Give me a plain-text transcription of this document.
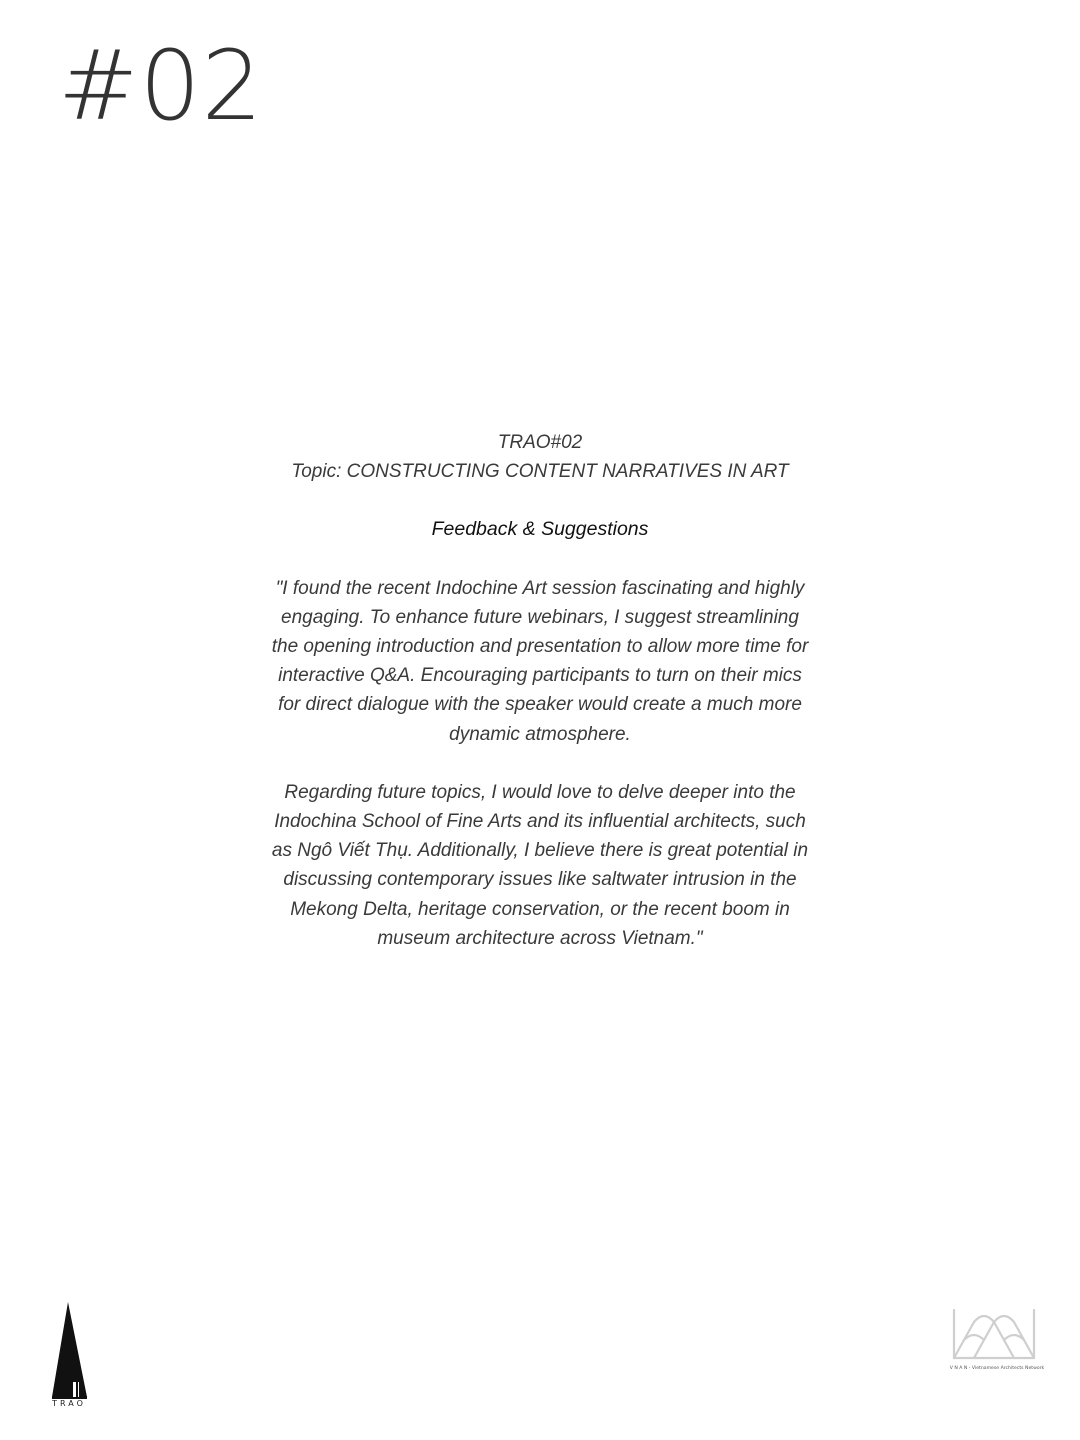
#02

TRAO#02

Topic: CONSTRUCTING CONTENT NARRATIVES IN ART

Feedback & Suggestions

"I found the recent Indochine Art session fascinating and highly engaging. To enhance future webinars, I suggest streamlining the opening introduction and presentation to allow more time for interactive Q&A. Encouraging participants to turn on their mics for direct dialogue with the speaker would create a much more dynamic atmosphere.

Regarding future topics, I would love to delve deeper into the Indochina School of Fine Arts and its influential architects, such as Ngô Viết Thụ. Additionally, I believe there is great potential in discussing contemporary issues like saltwater intrusion in the Mekong Delta, heritage conservation, or the recent boom in museum architecture across Vietnam."

TRAO
V N A N - Vietnamese Architects Network
